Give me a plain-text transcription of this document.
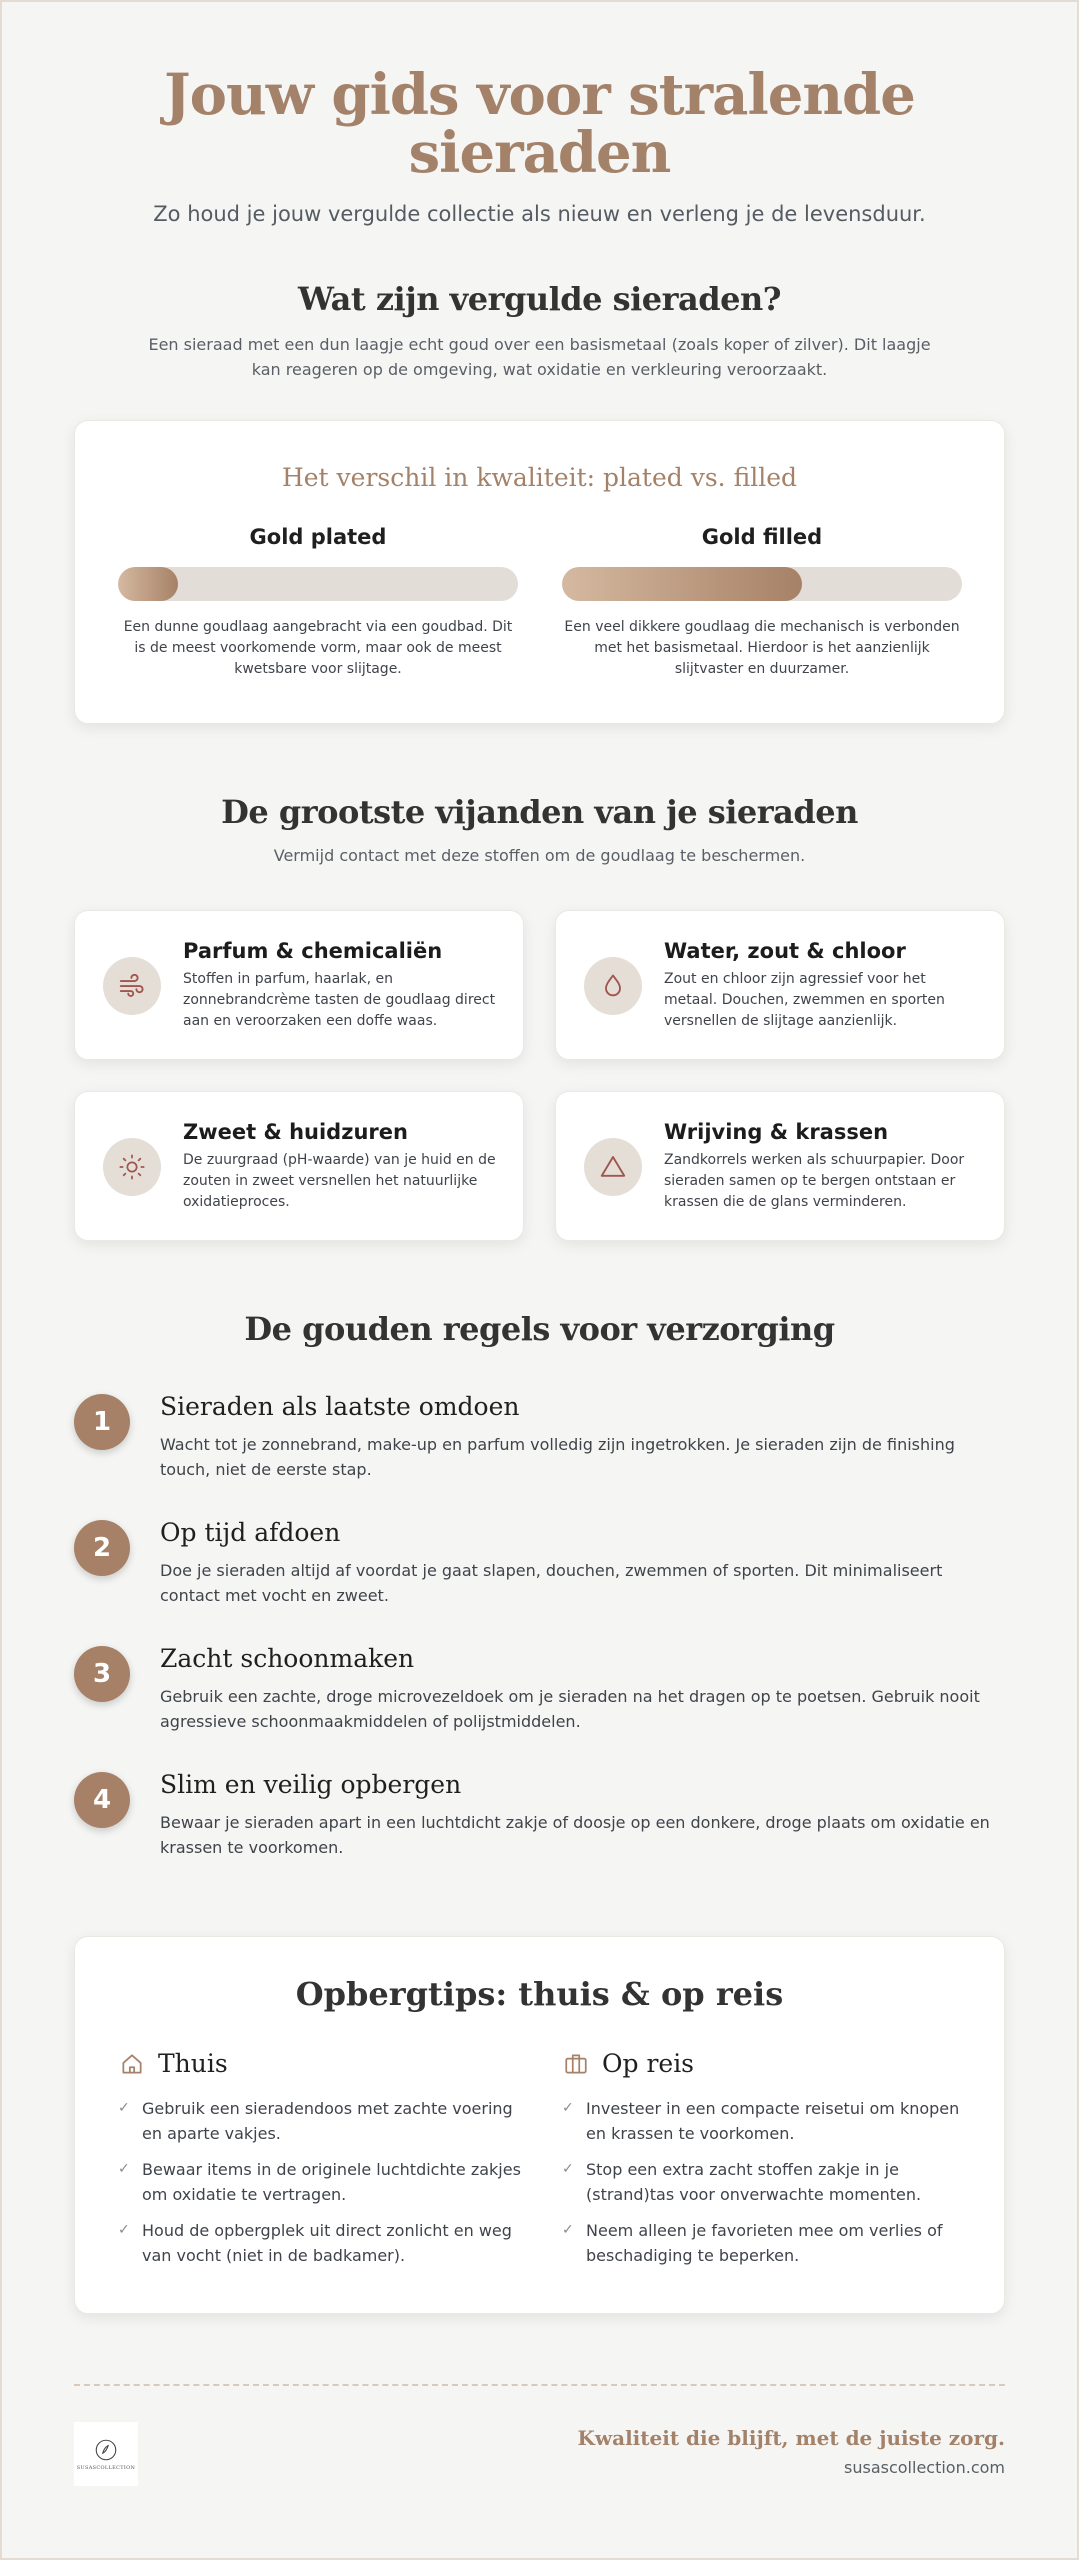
Jouw gids voor stralende sieraden

Zo houd je jouw vergulde collectie als nieuw en verleng je de levensduur.

Wat zijn vergulde sieraden?

Een sieraad met een dun laagje echt goud over een basismetaal (zoals koper of zilver). Dit laagje kan reageren op de omgeving, wat oxidatie en verkleuring veroorzaakt.

Het verschil in kwaliteit: plated vs. filled
Gold plated

Een dunne goudlaag aangebracht via een goudbad. Dit is de meest voorkomende vorm, maar ook de meest kwetsbare voor slijtage.

Gold filled

Een veel dikkere goudlaag die mechanisch is verbonden met het basismetaal. Hierdoor is het aanzienlijk slijtvaster en duurzamer.

De grootste vijanden van je sieraden

Vermijd contact met deze stoffen om de goudlaag te beschermen.

Parfum & chemicaliën
Stoffen in parfum, haarlak, en zonnebrandcrème tasten de goudlaag direct aan en veroorzaken een doffe waas.
Water, zout & chloor
Zout en chloor zijn agressief voor het metaal. Douchen, zwemmen en sporten versnellen de slijtage aanzienlijk.
Zweet & huidzuren
De zuurgraad (pH-waarde) van je huid en de zouten in zweet versnellen het natuurlijke oxidatieproces.
Wrijving & krassen
Zandkorrels werken als schuurpapier. Door sieraden samen op te bergen ontstaan er krassen die de glans verminderen.
De gouden regels voor verzorging
1
Sieraden als laatste omdoen
Wacht tot je zonnebrand, make-up en parfum volledig zijn ingetrokken. Je sieraden zijn de finishing touch, niet de eerste stap.
2
Op tijd afdoen
Doe je sieraden altijd af voordat je gaat slapen, douchen, zwemmen of sporten. Dit minimaliseert contact met vocht en zweet.
3
Zacht schoonmaken
Gebruik een zachte, droge microvezeldoek om je sieraden na het dragen op te poetsen. Gebruik nooit agressieve schoonmaakmiddelen of polijstmiddelen.
4
Slim en veilig opbergen
Bewaar je sieraden apart in een luchtdicht zakje of doosje op een donkere, droge plaats om oxidatie en krassen te voorkomen.
Opbergtips: thuis & op reis
Thuis
✓ Gebruik een sieradendoos met zachte voering en aparte vakjes.
✓ Bewaar items in de originele luchtdichte zakjes om oxidatie te vertragen.
✓ Houd de opbergplek uit direct zonlicht en weg van vocht (niet in de badkamer).
Op reis
✓ Investeer in een compacte reisetui om knopen en krassen te voorkomen.
✓ Stop een extra zacht stoffen zakje in je (strand)tas voor onverwachte momenten.
✓ Neem alleen je favorieten mee om verlies of beschadiging te beperken.
SUSASCOLLECTION
Kwaliteit die blijft, met de juiste zorg.
susascollection.com
